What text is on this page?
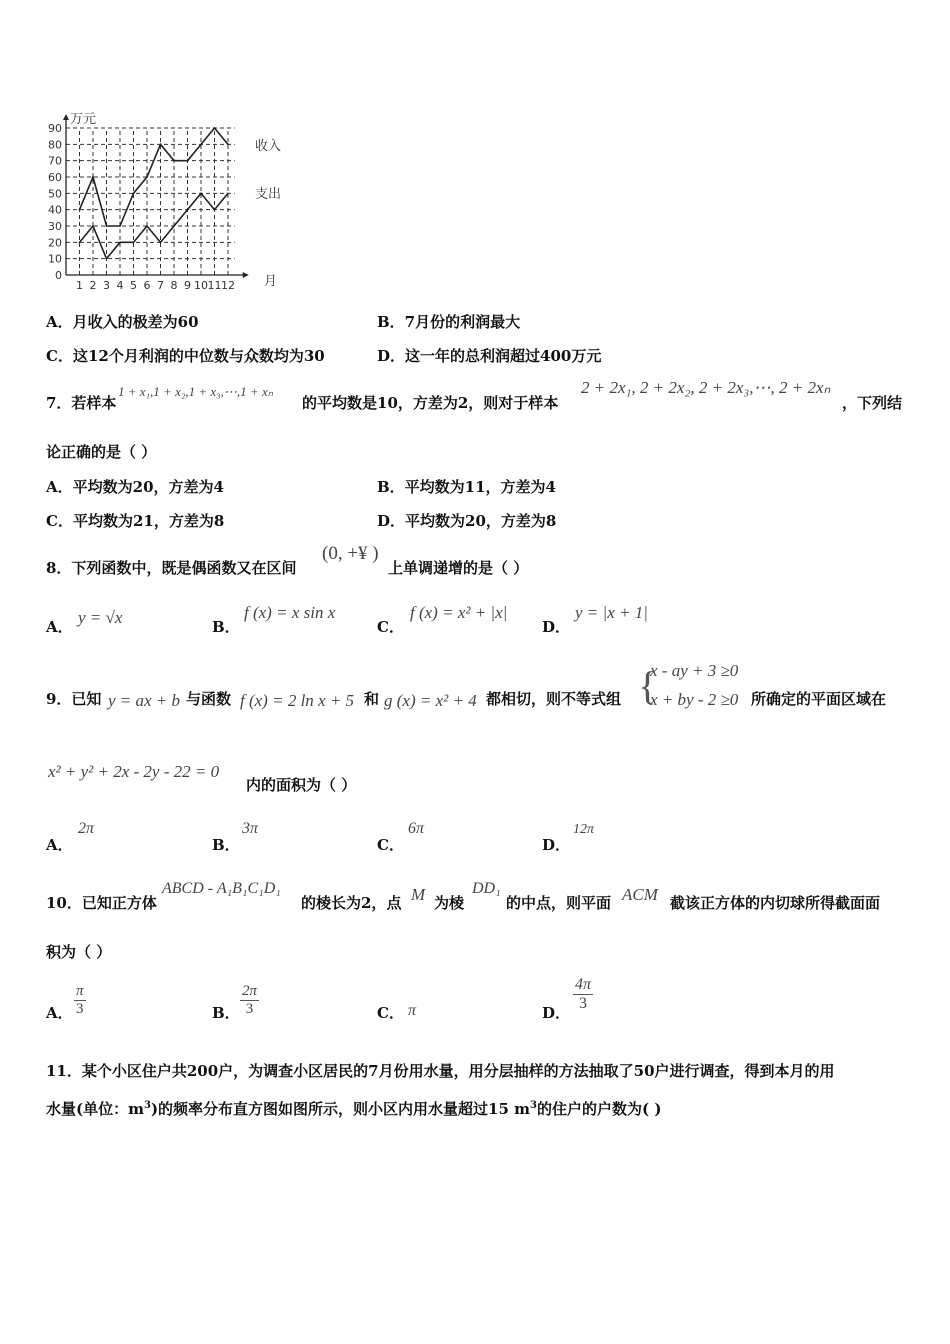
0
10
20
30
40
50
60
70
80
90
1 2 3 4 5 6 7 8 9 10 11 12
万元
月
收入
支出
A．月收入的极差为60	B．7月份的利润最大
C．这12个月利润的中位数与众数均为30	D．这一年的总利润超过400万元
7．若样本
1 + x₁,1 + x₂,1 + x₃,⋯,1 + xₙ
的平均数是10，方差为2，则对于样本
2 + 2x₁, 2 + 2x₂, 2 + 2x₃,⋯, 2 + 2xₙ
，下列结
论正确的是（ ）
A．平均数为20，方差为4	B．平均数为11，方差为4
C．平均数为21，方差为8	D．平均数为20，方差为8
8．下列函数中，既是偶函数又在区间
(0, +¥ )
上单调递增的是（ ）
A． y = √x	B．
f (x) = x sin x
C．
f (x) = x² + |x|
D．
y = |x + 1|
9．已知 y = ax + b 与函数 f (x) = 2 ln x + 5 和 g (x) = x² + 4 都相切，则不等式组 {
x - ay + 3 ≥0
x + by - 2 ≥0 所确定的平面区域在
x² + y² + 2x - 2y - 22 = 0
内的面积为（ ）
A．
2π
B．
3π
C．
6π
D．
12π
10．已知正方体
ABCD - A₁B₁C₁D₁
的棱长为2，点 M 为棱
DD₁
的中点，则平面 ACM 截该正方体的内切球所得截面面
积为（ ）
A． $\frac{\pi}{3}$	B． $\frac{2\pi}{3}$	C． π	D． $\frac{4\pi}{3}$
11．某个小区住户共200户，为调查小区居民的7月份用水量，用分层抽样的方法抽取了50户进行调查，得到本月的用
水量(单位：$m^3$)的频率分布直方图如图所示，则小区内用水量超过15 $m^3$的住户的户数为( )
